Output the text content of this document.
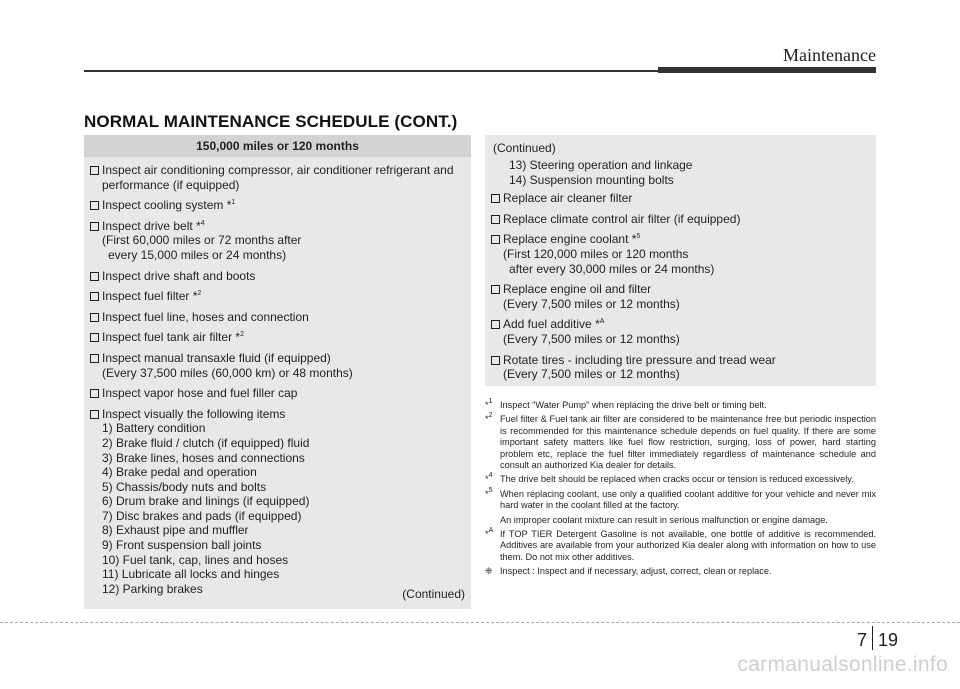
Maintenance
NORMAL MAINTENANCE SCHEDULE (CONT.)
150,000 miles or 120 months
Inspect air conditioning compressor, air conditioner refrigerant and
performance (if equipped)
Inspect cooling system *$^1$
Inspect drive belt *$^4$
(First 60,000 miles or 72 months after
every 15,000 miles or 24 months)
Inspect drive shaft and boots
Inspect fuel filter *$^2$
Inspect fuel line, hoses and connection
Inspect fuel tank air filter *$^2$
Inspect manual transaxle fluid (if equipped)
(Every 37,500 miles (60,000 km) or 48 months)
Inspect vapor hose and fuel filler cap
Inspect visually the following items
1) Battery condition
2) Brake fluid / clutch (if equipped) fluid
3) Brake lines, hoses and connections
4) Brake pedal and operation
5) Chassis/body nuts and bolts
6) Drum brake and linings (if equipped)
7) Disc brakes and pads (if equipped)
8) Exhaust pipe and muffler
9) Front suspension ball joints
10) Fuel tank, cap, lines and hoses
11) Lubricate all locks and hinges
12) Parking brakes	(Continued)
(Continued)
13) Steering operation and linkage
14) Suspension mounting bolts
Replace air cleaner filter
Replace climate control air filter (if equipped)
Replace engine coolant *$^5$
(First 120,000 miles or 120 months
after every 30,000 miles or 24 months)
Replace engine oil and filter
(Every 7,500 miles or 12 months)
Add fuel additive *$^A$
(Every 7,500 miles or 12 months)
Rotate tires - including tire pressure and tread wear
(Every 7,500 miles or 12 months)
*$^1$ Inspect "Water Pump" when replacing the drive belt or timing belt.
*$^2$ Fuel filter & Fuel tank air filter are considered to be maintenance free but periodic inspection is recommended for this maintenance schedule depends on fuel quality. If there are some important safety matters like fuel flow restriction, surging, loss of power, hard starting problem etc, replace the fuel filter immediately regardless of maintenance schedule and consult an authorized Kia dealer for details.
*$^4$ The drive belt should be replaced when cracks occur or tension is reduced excessively.
*$^5$ When replacing coolant, use only a qualified coolant additive for your vehicle and never mix hard water in the coolant filled at the factory.
An improper coolant mixture can result in serious malfunction or engine damage.
*$^A$ If TOP TIER Detergent Gasoline is not available, one bottle of additive is recommended. Additives are available from your authorized Kia dealer along with information on how to use them. Do not mix other additives.
❈ Inspect : Inspect and if necessary, adjust, correct, clean or replace.
7 19
carmanualsonline.info
